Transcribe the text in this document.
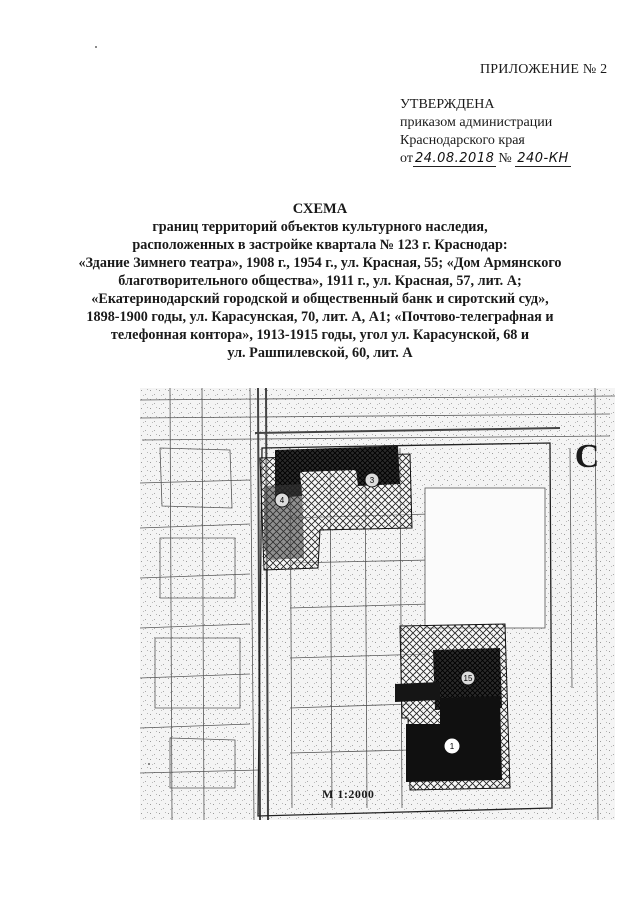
ПРИЛОЖЕНИЕ № 2
УТВЕРЖДЕНА
приказом администрации
Краснодарского края
от 24.08.2018 № 240-КН
СХЕМА
границ территорий объектов культурного наследия,
расположенных в застройке квартала № 123 г. Краснодар:
«Здание Зимнего театра», 1908 г., 1954 г., ул. Красная, 55; «Дом Армянского
благотворительного общества», 1911 г., ул. Красная, 57, лит. А;
«Екатеринодарский городской и общественный банк и сиротский суд»,
1898-1900 годы, ул. Карасунская, 70, лит. А, А1; «Почтово-телеграфная и
телефонная контора», 1913-1915 годы, угол ул. Карасунской, 68 и
ул. Рашпилевской, 60, лит. А
3
4
15
1
С
М 1:2000
